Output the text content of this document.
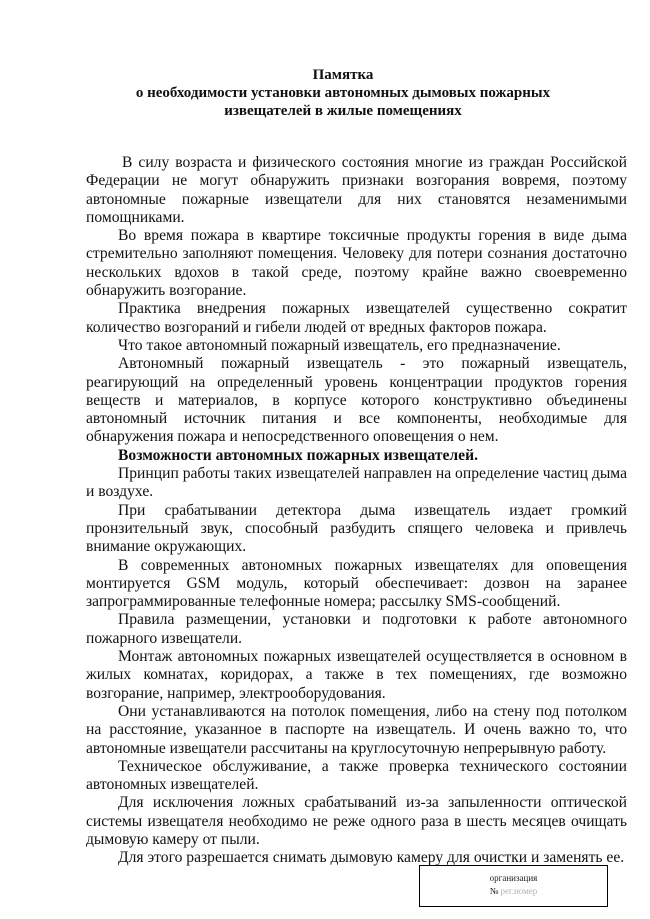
Памятка
о необходимости установки автономных дымовых пожарных
извещателей в жилые помещениях

В силу возраста и физического состояния многие из граждан Российской Федерации не могут обнаружить признаки возгорания вовремя, поэтому автономные пожарные извещатели для них становятся незаменимыми помощниками.

Во время пожара в квартире токсичные продукты горения в виде дыма стремительно заполняют помещения. Человеку для потери сознания достаточно нескольких вдохов в такой среде, поэтому крайне важно своевременно обнаружить возгорание.

Практика внедрения пожарных извещателей существенно сократит количество возгораний и гибели людей от вредных факторов пожара.

Что такое автономный пожарный извещатель, его предназначение.

Автономный пожарный извещатель - это пожарный извещатель, реагирующий на определенный уровень концентрации продуктов горения веществ и материалов, в корпусе которого конструктивно объединены автономный источник питания и все компоненты, необходимые для обнаружения пожара и непосредственного оповещения о нем.

Возможности автономных пожарных извещателей.

Принцип работы таких извещателей направлен на определение частиц дыма и воздухе.

При срабатывании детектора дыма извещатель издает громкий пронзительный звук, способный разбудить спящего человека и привлечь внимание окружающих.

В современных автономных пожарных извещателях для оповещения монтируется GSM модуль, который обеспечивает: дозвон на заранее запрограммированные телефонные номера; рассылку SMS-сообщений.

Правила размещении, установки и подготовки к работе автономного пожарного извещатели.

Монтаж автономных пожарных извещателей осуществляется в основном в жилых комнатах, коридорах, а также в тех помещениях, где возможно возгорание, например, электрооборудования.

Они устанавливаются на потолок помещения, либо на стену под потолком на расстояние, указанное в паспорте на извещатель. И очень важно то, что автономные извещатели рассчитаны на круглосуточную непрерывную работу.

Техническое обслуживание, а также проверка технического состоянии автономных извещателей.

Для исключения ложных срабатываний из-за запыленности оптической системы извещателя необходимо не реже одного раза в шесть месяцев очищать дымовую камеру от пыли.

Для этого разрешается снимать дымовую камеру для очистки и заменять ее.

организация
№ рег.номер
